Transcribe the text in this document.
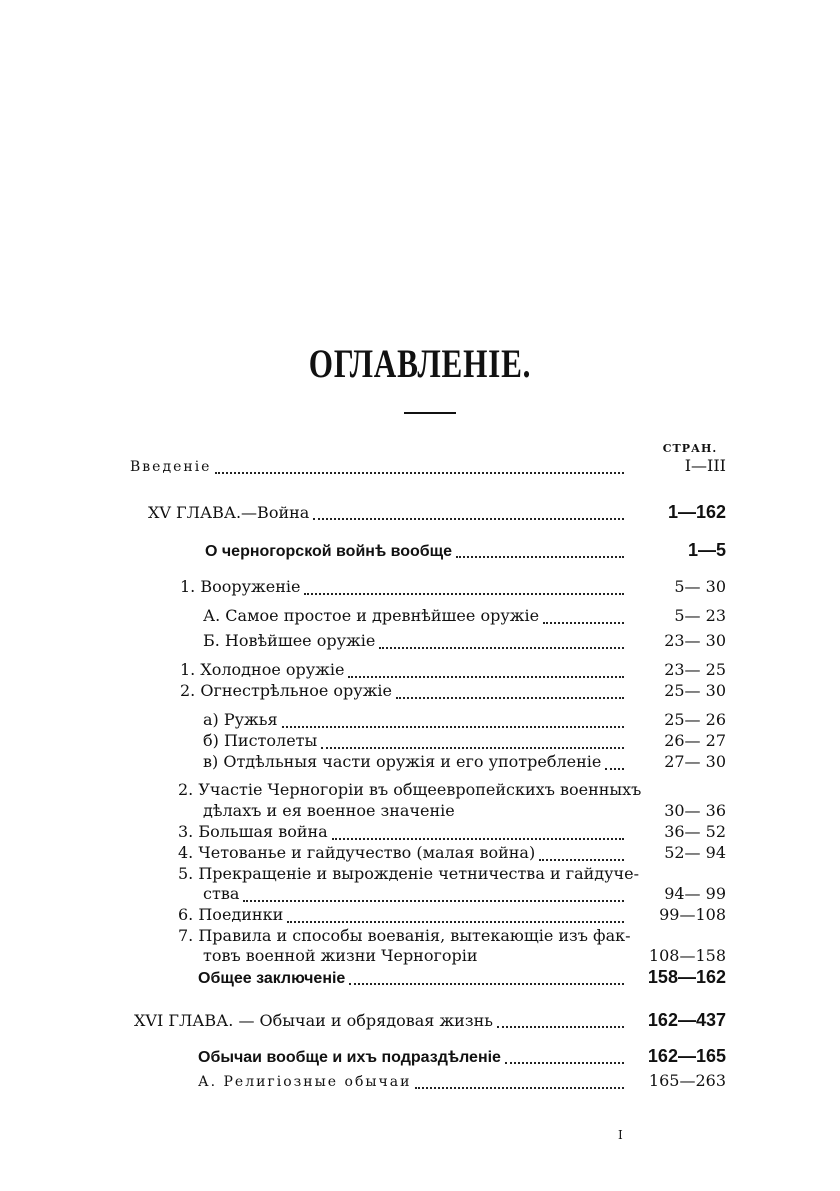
ОГЛАВЛЕНІЕ.
СТРАН.
Введеніе	I—III
XV ГЛАВА.—Война	1—162
О черногорской войнѣ вообще	1—5
1. Вооруженіе	5— 30
А. Самое простое и древнѣйшее оружіе	5— 23
Б. Новѣйшее оружіе	23— 30
1. Холодное оружіе	23— 25
2. Огнестрѣльное оружіе	25— 30
а) Ружья	25— 26
б) Пистолеты	26— 27
в) Отдѣльныя части оружія и его употребленіе	27— 30
2. Участіе Черногоріи въ общеевропейскихъ военныхъ
дѣлахъ и ея военное значеніе	30— 36
3. Большая война	36— 52
4. Четованье и гайдучество (малая война)	52— 94
5. Прекращеніе и вырожденіе четничества и гайдуче-
ства	94— 99
6. Поединки	99—108
7. Правила и способы воеванія, вытекающіе изъ фак-
товъ военной жизни Черногоріи	108—158
Общее заключеніе	158—162
XVI ГЛАВА. — Обычаи и обрядовая жизнь	162—437
Обычаи вообще и ихъ подраздѣленіе	162—165
А. Религіозные обычаи	165—263
I
